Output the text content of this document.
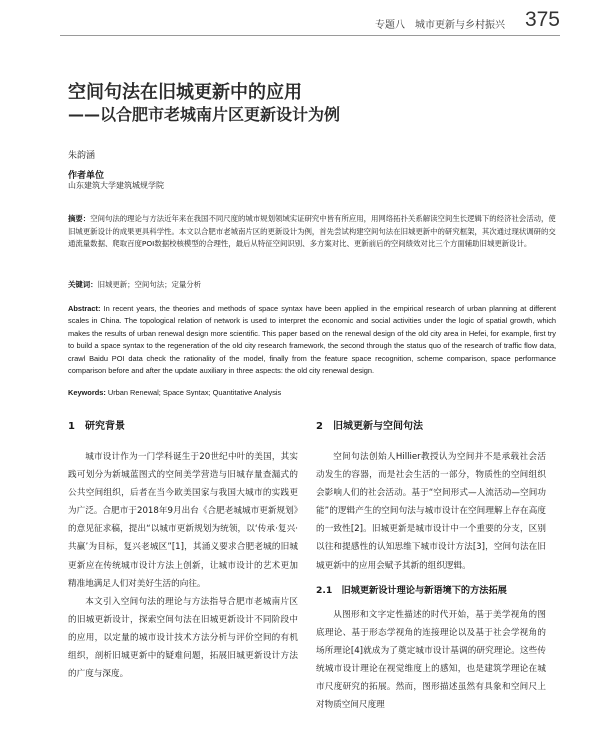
专题八　城市更新与乡村振兴 375
空间句法在旧城更新中的应用
——以合肥市老城南片区更新设计为例
朱韵涵
作者单位
山东建筑大学建筑城规学院
摘要：空间句法的理论与方法近年来在我国不同尺度的城市规划领域实证研究中皆有所应用，用网络拓扑关系解读空间生长逻辑下的经济社会活动，使旧城更新设计的成果更具科学性。本文以合肥市老城南片区的更新设计为例，首先尝试构建空间句法在旧城更新中的研究框架，其次通过现状调研的交通流量数据、爬取百度POI数据校核模型的合理性，最后从特征空间识别、多方案对比、更新前后的空间绩效对比三个方面辅助旧城更新设计。
关键词：旧城更新；空间句法；定量分析
Abstract: In recent years, the theories and methods of space syntax have been applied in the empirical research of urban planning at different scales in China. The topological relation of network is used to interpret the economic and social activities under the logic of spatial growth, which makes the results of urban renewal design more scientific. This paper based on the renewal design of the old city area in Hefei, for example, first try to build a space syntax to the regeneration of the old city research framework, the second through the status quo of the research of traffic flow data, crawl Baidu POI data check the rationality of the model, finally from the feature space recognition, scheme comparison, space performance comparison before and after the update auxiliary in three aspects: the old city renewal design.
Keywords: Urban Renewal; Space Syntax; Quantitative Analysis
1　研究背景

城市设计作为一门学科诞生于20世纪中叶的美国，其实践可划分为新城蓝图式的空间美学营造与旧城存量查漏式的公共空间组织，后者在当今欧美国家与我国大城市的实践更为广泛。合肥市于2018年9月出台《合肥老城城市更新规划》的意见征求稿，提出“以城市更新规划为统领，以‘传承·复兴·共赢’为目标，复兴老城区”[1]，其涌义要求合肥老城的旧城更新应在传统城市设计方法上创新，让城市设计的艺术更加精准地满足人们对美好生活的向往。

本文引入空间句法的理论与方法指导合肥市老城南片区的旧城更新设计，探索空间句法在旧城更新设计不同阶段中的应用，以定量的城市设计技术方法分析与评价空间的有机组织，剖析旧城更新中的疑难问题，拓展旧城更新设计方法的广度与深度。

2　旧城更新与空间句法

空间句法创始人Hillier教授认为空间并不是承载社会活动发生的容器，而是社会生活的一部分，物质性的空间组织会影响人们的社会活动。基于“空间形式—人流活动—空间功能”的逻辑产生的空间句法与城市设计在空间理解上存在高度的一致性[2]。旧城更新是城市设计中一个重要的分支，区别以往和提感性的认知思维下城市设计方法[3]，空间句法在旧城更新中的应用会赋予其新的组织逻辑。

2.1　旧城更新设计理论与新语境下的方法拓展

从图形和文字定性描述的时代开始，基于美学视角的图底理论、基于形态学视角的连接理论以及基于社会学视角的场所理论[4]就成为了奠定城市设计基调的研究理论。这些传统城市设计理论在视觉维度上的感知，也是建筑学理论在城市尺度研究的拓展。然而，图形描述虽然有具象和空间尺上对物质空间尺度理
